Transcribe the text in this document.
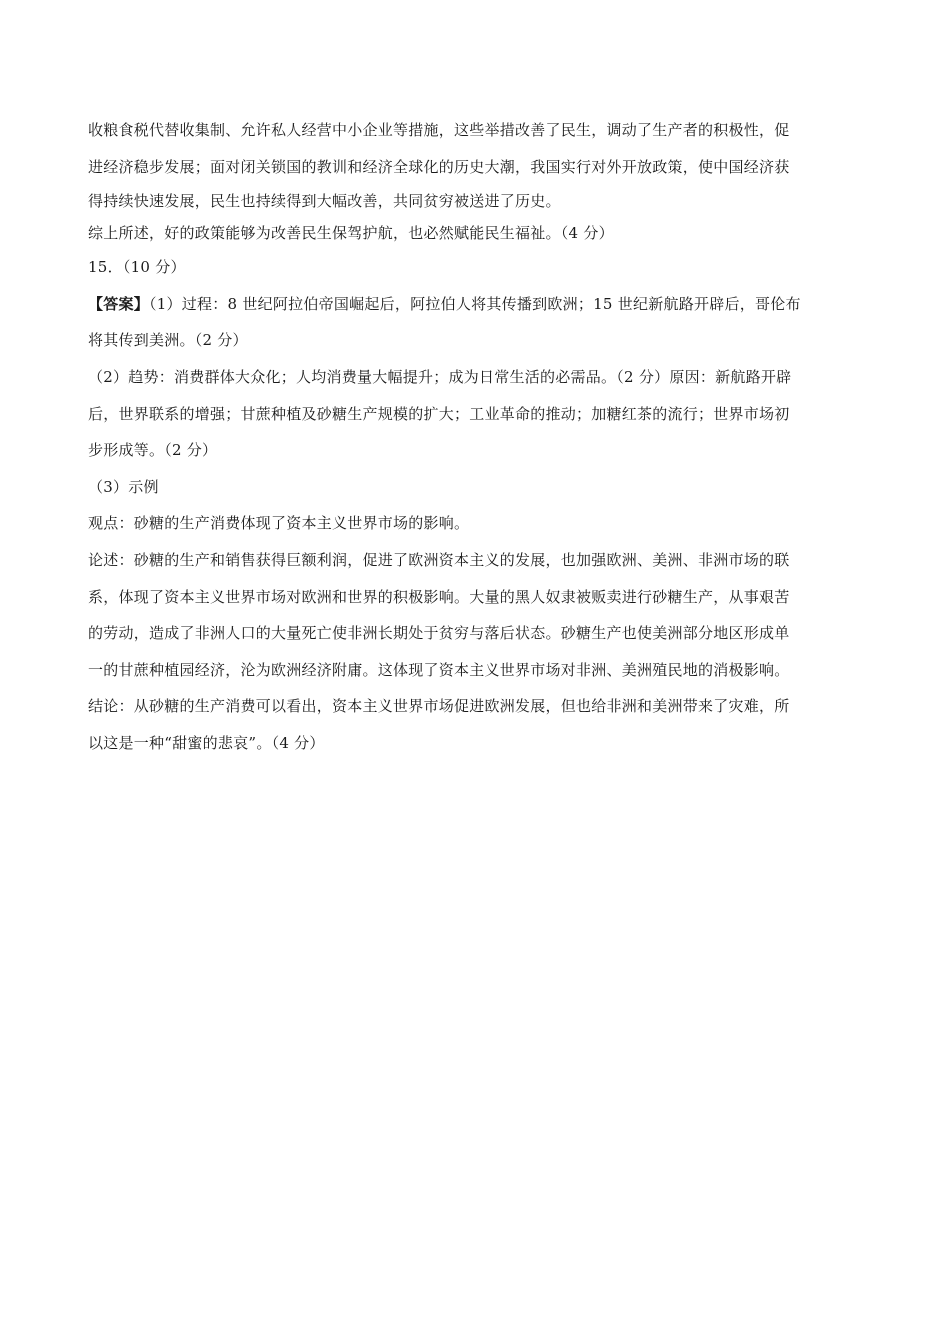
收粮食税代替收集制、允许私人经营中小企业等措施，这些举措改善了民生，调动了生产者的积极性，促
进经济稳步发展；面对闭关锁国的教训和经济全球化的历史大潮，我国实行对外开放政策，使中国经济获
得持续快速发展，民生也持续得到大幅改善，共同贫穷被送进了历史。
综上所述，好的政策能够为改善民生保驾护航，也必然赋能民生福祉。（4 分）
15．（10 分）
【答案】（1）过程：8 世纪阿拉伯帝国崛起后，阿拉伯人将其传播到欧洲；15 世纪新航路开辟后，哥伦布
将其传到美洲。（2 分）
（2）趋势：消费群体大众化；人均消费量大幅提升；成为日常生活的必需品。（2 分）原因：新航路开辟
后，世界联系的增强；甘蔗种植及砂糖生产规模的扩大；工业革命的推动；加糖红茶的流行；世界市场初
步形成等。（2 分）
（3）示例
观点：砂糖的生产消费体现了资本主义世界市场的影响。
论述：砂糖的生产和销售获得巨额利润，促进了欧洲资本主义的发展，也加强欧洲、美洲、非洲市场的联
系，体现了资本主义世界市场对欧洲和世界的积极影响。大量的黑人奴隶被贩卖进行砂糖生产，从事艰苦
的劳动，造成了非洲人口的大量死亡使非洲长期处于贫穷与落后状态。砂糖生产也使美洲部分地区形成单
一的甘蔗种植园经济，沦为欧洲经济附庸。这体现了资本主义世界市场对非洲、美洲殖民地的消极影响。
结论：从砂糖的生产消费可以看出，资本主义世界市场促进欧洲发展，但也给非洲和美洲带来了灾难，所
以这是一种“甜蜜的悲哀”。（4 分）
